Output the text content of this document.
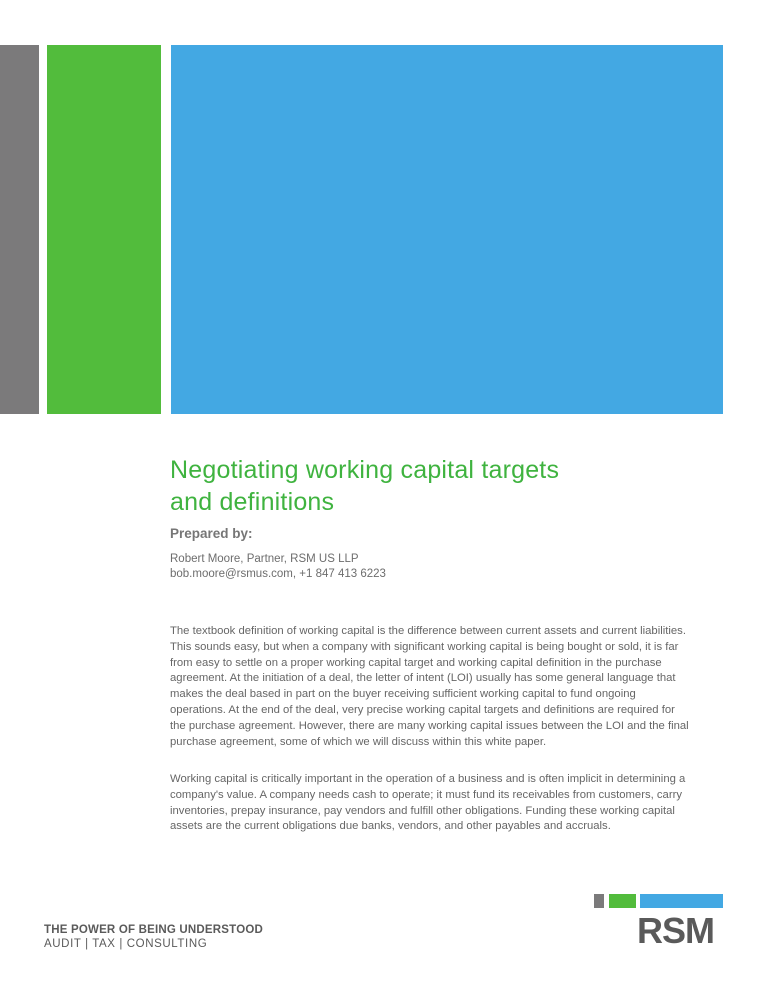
Negotiating working capital targets
and definitions
Prepared by:
Robert Moore, Partner, RSM US LLP
bob.moore@rsmus.com, +1 847 413 6223

The textbook definition of working capital is the difference between current assets and current liabilities. This sounds easy, but when a company with significant working capital is being bought or sold, it is far from easy to settle on a proper working capital target and working capital definition in the purchase agreement. At the initiation of a deal, the letter of intent (LOI) usually has some general language that makes the deal based in part on the buyer receiving sufficient working capital to fund ongoing operations. At the end of the deal, very precise working capital targets and definitions are required for the purchase agreement. However, there are many working capital issues between the LOI and the final purchase agreement, some of which we will discuss within this white paper.

Working capital is critically important in the operation of a business and is often implicit in determining a company's value. A company needs cash to operate; it must fund its receivables from customers, carry inventories, prepay insurance, pay vendors and fulfill other obligations. Funding these working capital assets are the current obligations due banks, vendors, and other payables and accruals.

THE POWER OF BEING UNDERSTOOD
AUDIT | TAX | CONSULTING	RSM
